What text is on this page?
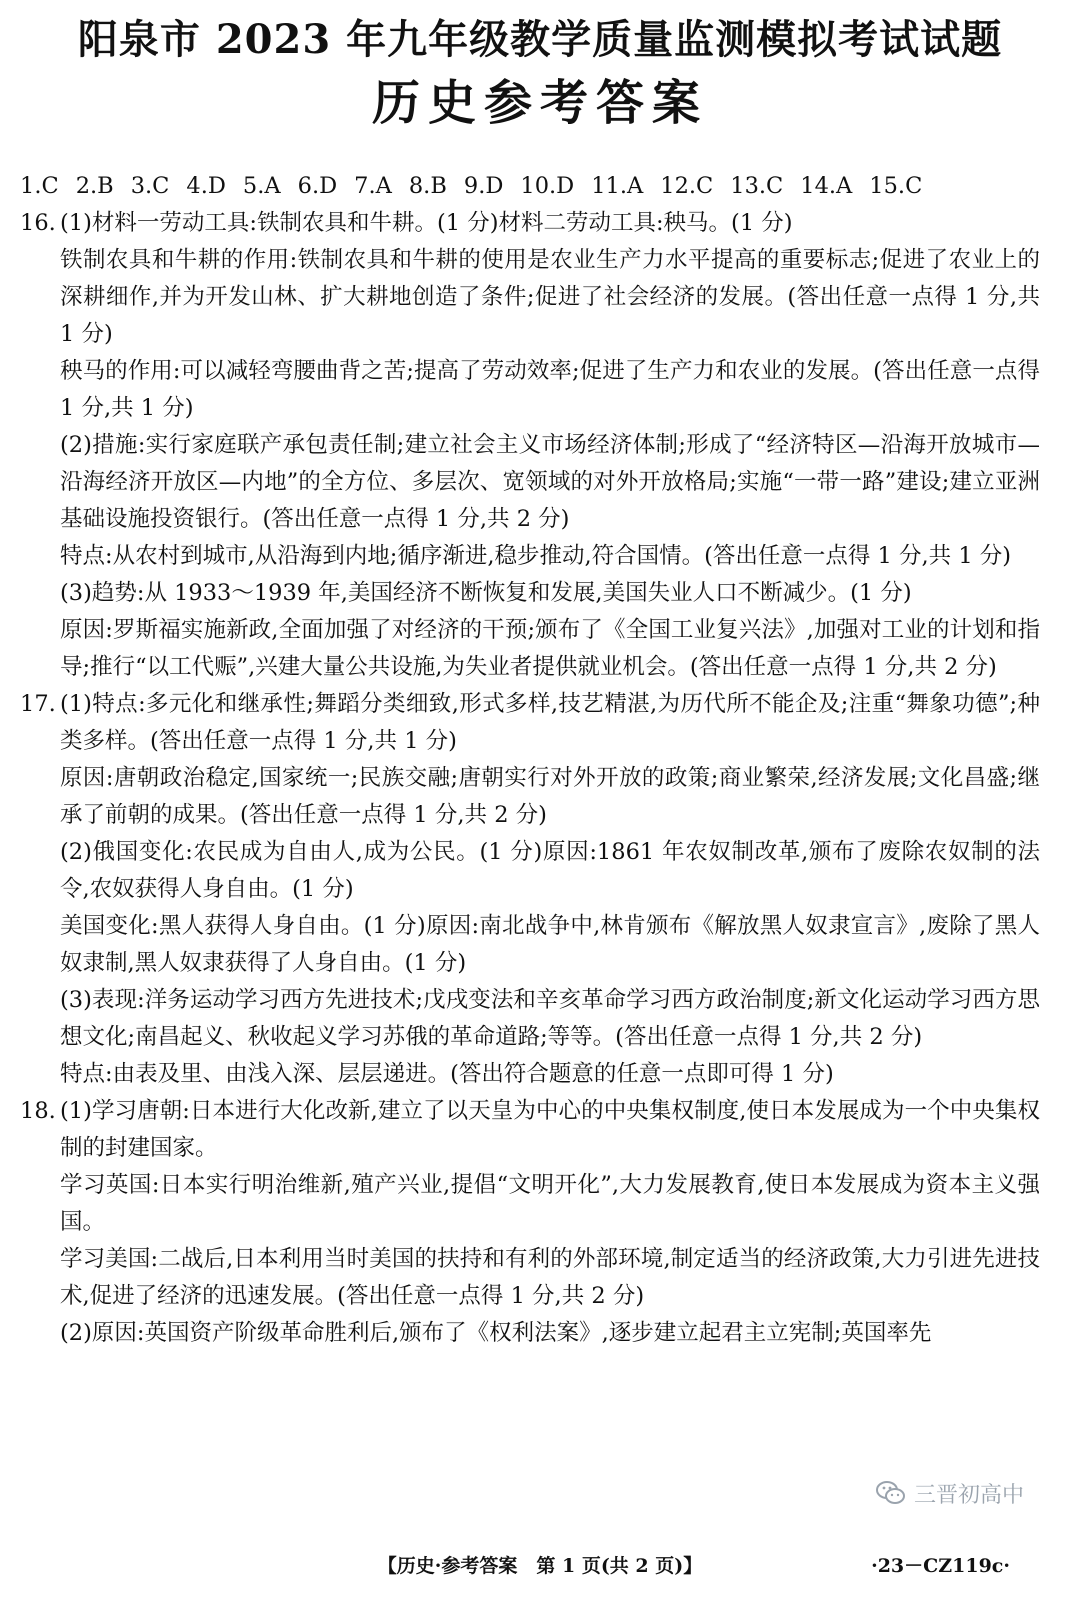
阳泉市 2023 年九年级教学质量监测模拟考试试题
历史参考答案
1.C 2.B 3.C 4.D 5.A 6.D 7.A 8.B 9.D 10.D 11.A 12.C 13.C 14.A 15.C
16. (1)材料一劳动工具:铁制农具和牛耕。(1 分)材料二劳动工具:秧马。(1 分)
铁制农具和牛耕的作用:铁制农具和牛耕的使用是农业生产力水平提高的重要标志;促进了农业上的深耕细作,并为开发山林、扩大耕地创造了条件;促进了社会经济的发展。(答出任意一点得 1 分,共 1 分)
秧马的作用:可以减轻弯腰曲背之苦;提高了劳动效率;促进了生产力和农业的发展。(答出任意一点得 1 分,共 1 分)
(2)措施:实行家庭联产承包责任制;建立社会主义市场经济体制;形成了“经济特区—沿海开放城市—沿海经济开放区—内地”的全方位、多层次、宽领域的对外开放格局;实施“一带一路”建设;建立亚洲基础设施投资银行。(答出任意一点得 1 分,共 2 分)
特点:从农村到城市,从沿海到内地;循序渐进,稳步推动,符合国情。(答出任意一点得 1 分,共 1 分)
(3)趋势:从 1933～1939 年,美国经济不断恢复和发展,美国失业人口不断减少。(1 分)
原因:罗斯福实施新政,全面加强了对经济的干预;颁布了《全国工业复兴法》,加强对工业的计划和指导;推行“以工代赈”,兴建大量公共设施,为失业者提供就业机会。(答出任意一点得 1 分,共 2 分)
17. (1)特点:多元化和继承性;舞蹈分类细致,形式多样,技艺精湛,为历代所不能企及;注重“舞象功德”;种类多样。(答出任意一点得 1 分,共 1 分)
原因:唐朝政治稳定,国家统一;民族交融;唐朝实行对外开放的政策;商业繁荣,经济发展;文化昌盛;继承了前朝的成果。(答出任意一点得 1 分,共 2 分)
(2)俄国变化:农民成为自由人,成为公民。(1 分)原因:1861 年农奴制改革,颁布了废除农奴制的法令,农奴获得人身自由。(1 分)
美国变化:黑人获得人身自由。(1 分)原因:南北战争中,林肯颁布《解放黑人奴隶宣言》,废除了黑人奴隶制,黑人奴隶获得了人身自由。(1 分)
(3)表现:洋务运动学习西方先进技术;戊戌变法和辛亥革命学习西方政治制度;新文化运动学习西方思想文化;南昌起义、秋收起义学习苏俄的革命道路;等等。(答出任意一点得 1 分,共 2 分)
特点:由表及里、由浅入深、层层递进。(答出符合题意的任意一点即可得 1 分)
18. (1)学习唐朝:日本进行大化改新,建立了以天皇为中心的中央集权制度,使日本发展成为一个中央集权制的封建国家。
学习英国:日本实行明治维新,殖产兴业,提倡“文明开化”,大力发展教育,使日本发展成为资本主义强国。
学习美国:二战后,日本利用当时美国的扶持和有利的外部环境,制定适当的经济政策,大力引进先进技术,促进了经济的迅速发展。(答出任意一点得 1 分,共 2 分)
(2)原因:英国资产阶级革命胜利后,颁布了《权利法案》,逐步建立起君主立宪制;英国率先
三晋初高中
【历史·参考答案　第 1 页(共 2 页)】	·23－CZ119c·
